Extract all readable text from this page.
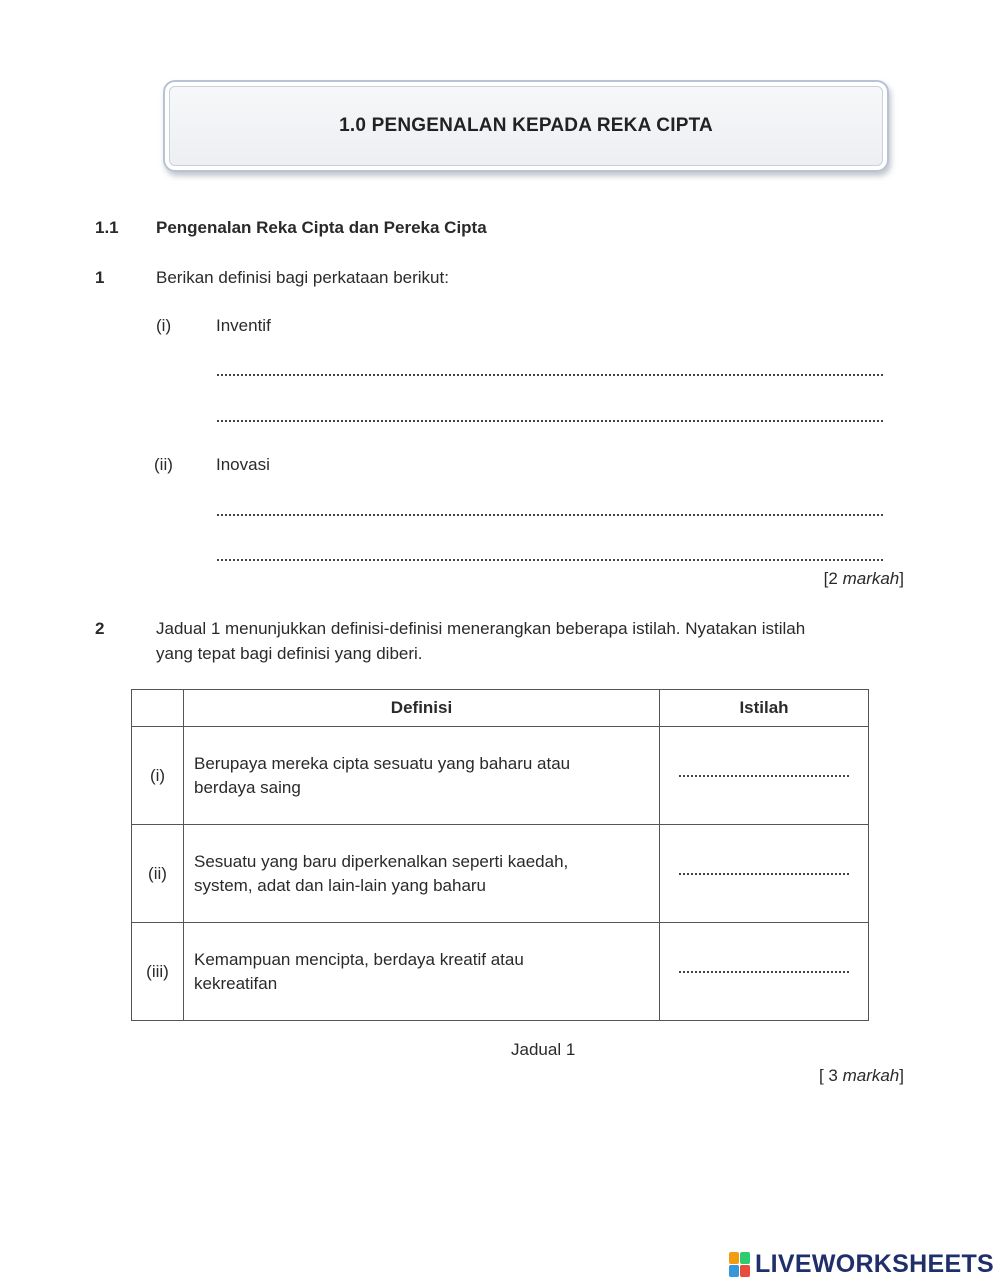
1.0 PENGENALAN KEPADA REKA CIPTA
1.1 Pengenalan Reka Cipta dan Pereka Cipta
1	Berikan definisi bagi perkataan berikut:
(i)	Inventif
(ii)	Inovasi
[2 markah]
2	Jadual 1 menunjukkan definisi-definisi menerangkan beberapa istilah. Nyatakan istilah
yang tepat bagi definisi yang diberi.
	Definisi	Istilah
(i)	Berupaya mereka cipta sesuatu yang baharu atau
berdaya saing	

(ii)	Sesuatu yang baru diperkenalkan seperti kaedah,
system, adat dan lain-lain yang baharu	

(iii)	Kemampuan mencipta, berdaya kreatif atau
kekreatifan	

Jadual 1
[ 3 markah]
LIVEWORKSHEETS
